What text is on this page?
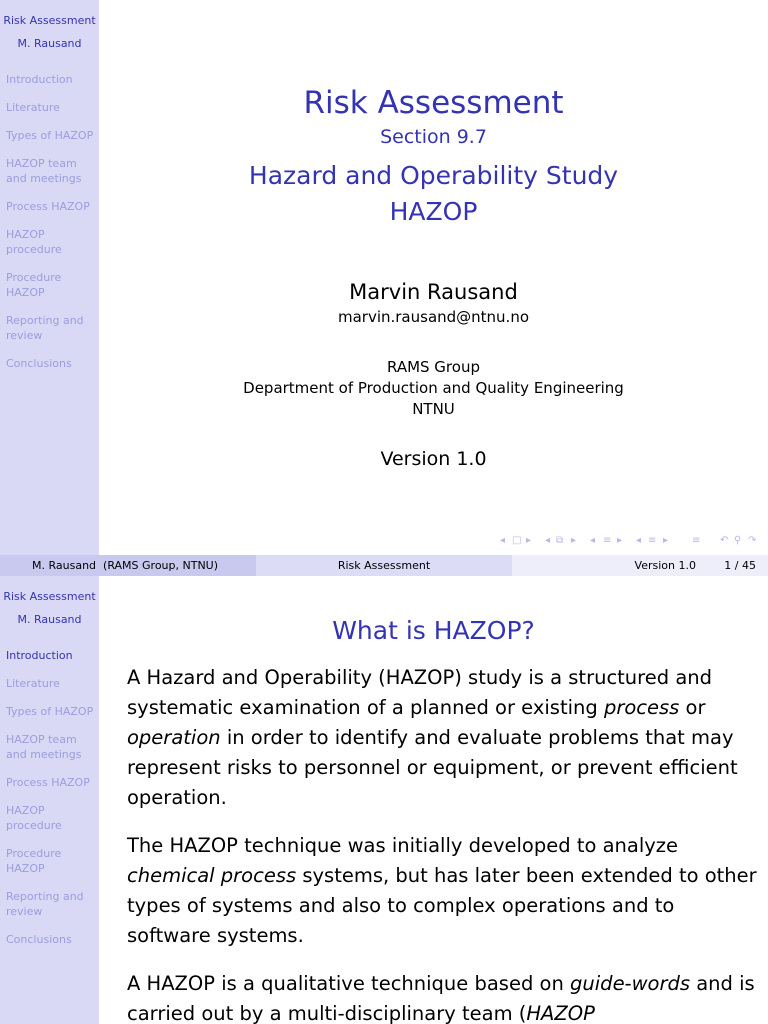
Risk Assessment
M. Rausand
Introduction
Literature
Types of HAZOP
HAZOP team and meetings
Process HAZOP
HAZOP procedure
Procedure HAZOP
Reporting and review
Conclusions
Risk Assessment
Section 9.7
Hazard and Operability Study
HAZOP
Marvin Rausand
marvin.rausand@ntnu.no
RAMS Group
Department of Production and Quality Engineering
NTNU
Version 1.0
◂ □ ▸ ◂ ⧉ ▸ ◂ ≡ ▸ ◂ ≡ ▸ ≡ ↶ ⚲ ↷
M. Rausand (RAMS Group, NTNU)	Risk Assessment	Version 1.0	1 / 45
Risk Assessment
M. Rausand
Introduction
Literature
Types of HAZOP
HAZOP team and meetings
Process HAZOP
HAZOP procedure
Procedure HAZOP
Reporting and review
Conclusions
What is HAZOP?

A Hazard and Operability (HAZOP) study is a structured and systematic examination of a planned or existing process or operation in order to identify and evaluate problems that may represent risks to personnel or equipment, or prevent efficient operation.

The HAZOP technique was initially developed to analyze chemical process systems, but has later been extended to other types of systems and also to complex operations and to software systems.

A HAZOP is a qualitative technique based on guide-words and is carried out by a multi-disciplinary team (HAZOP
